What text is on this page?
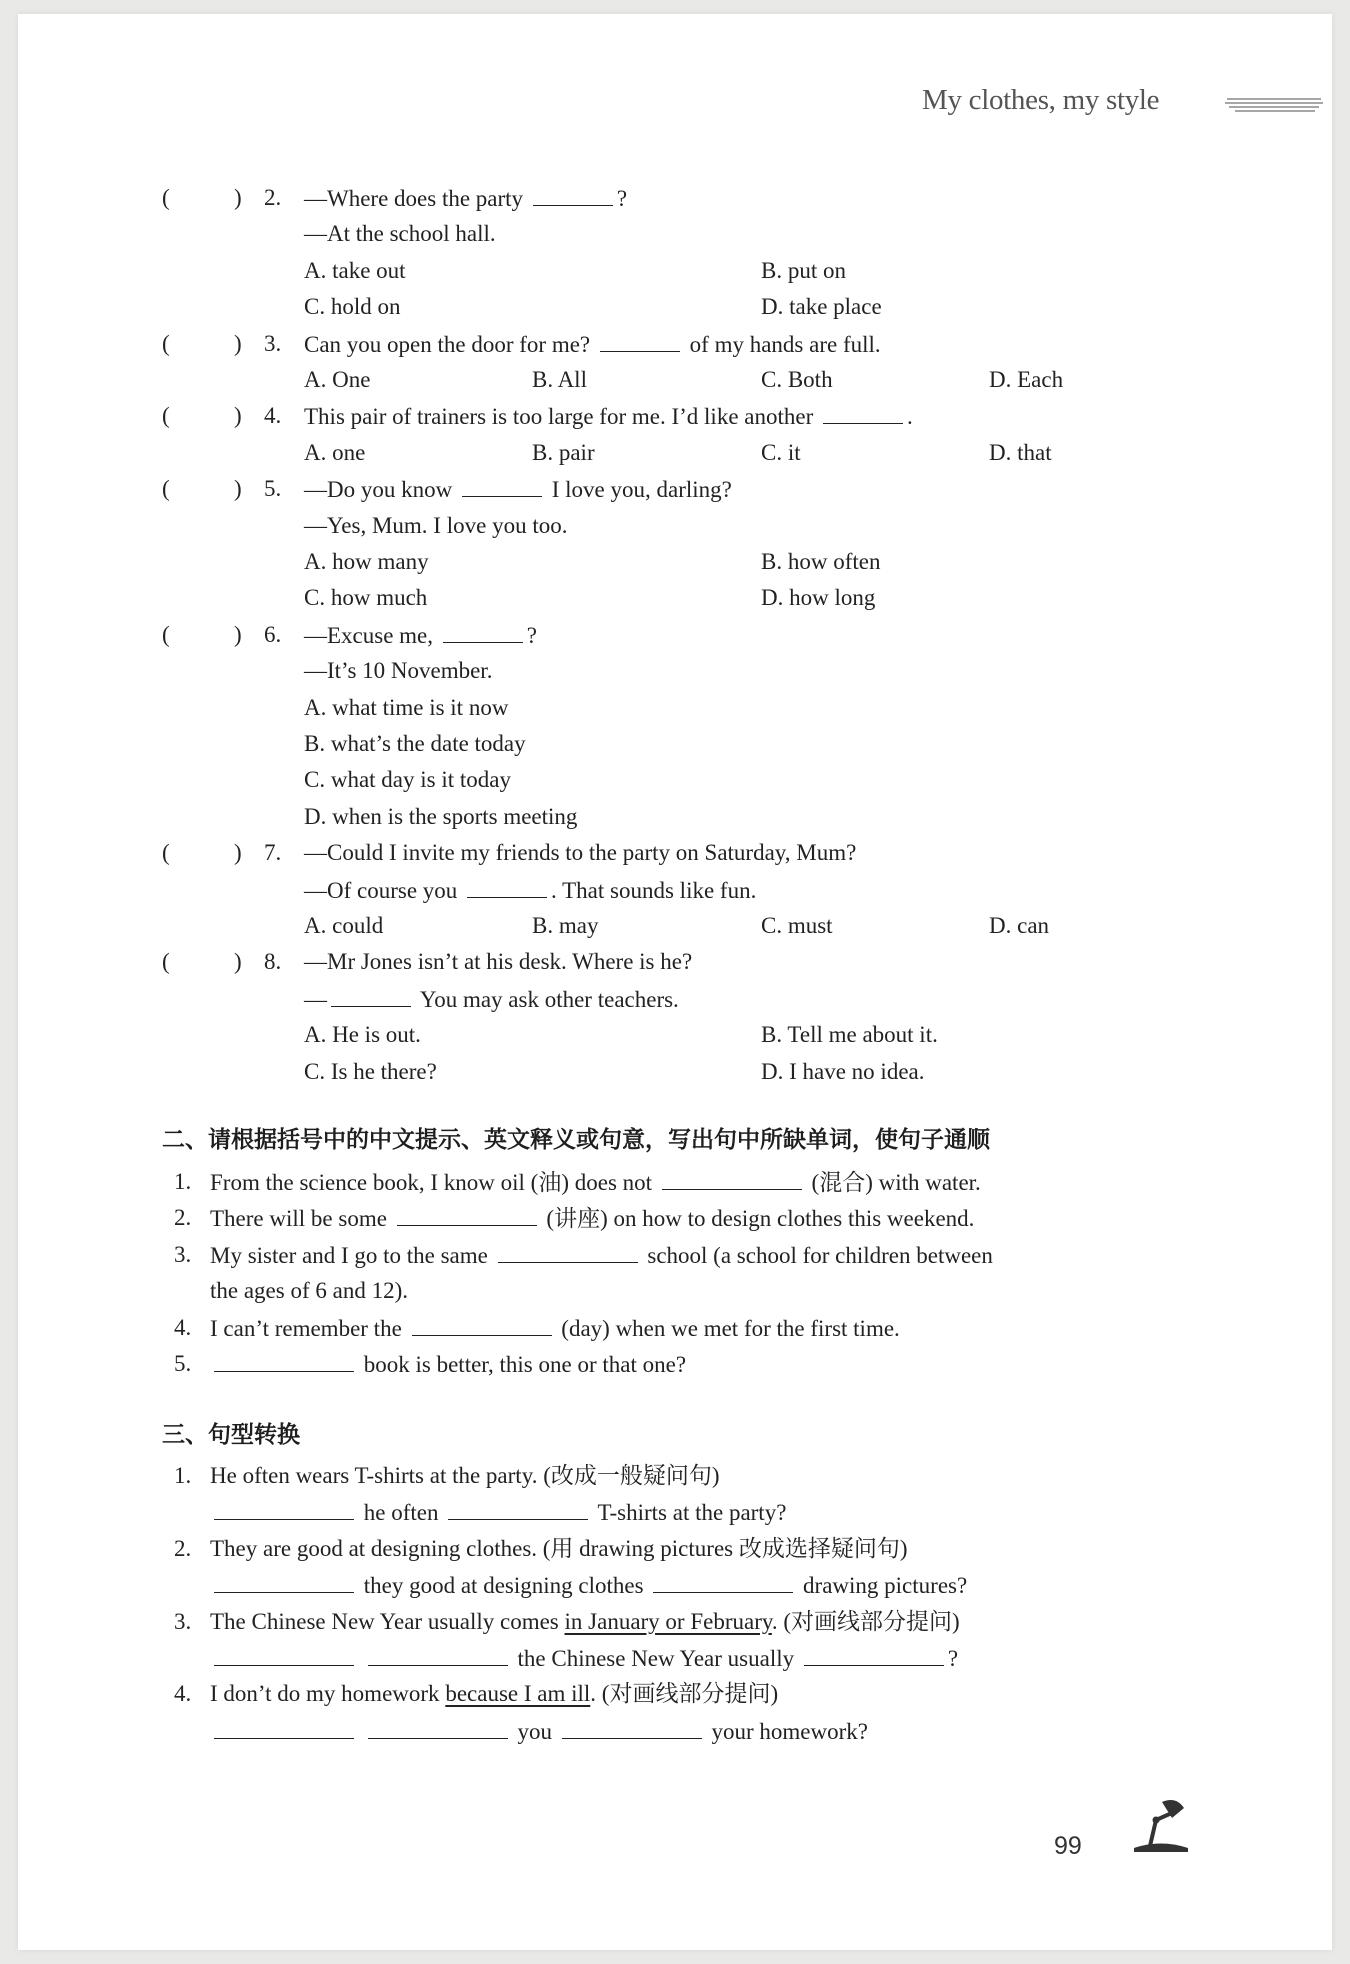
My clothes, my style
(	) 2. —Where does the party	?
—At the school hall.
A. take out	B. put on
C. hold on	D. take place
(	) 3. Can you open the door for me?	of my hands are full.
A. One	B. All	C. Both	D. Each
(	) 4. This pair of trainers is too large for me. I’d like another	.
A. one	B. pair	C. it	D. that
(	) 5. —Do you know	I love you, darling?
—Yes, Mum. I love you too.
A. how many	B. how often
C. how much	D. how long
(	) 6. —Excuse me,	?
—It’s 10 November.
A. what time is it now
B. what’s the date today
C. what day is it today
D. when is the sports meeting
(	) 7. —Could I invite my friends to the party on Saturday, Mum?
—Of course you	. That sounds like fun.
A. could	B. may	C. must	D. can
(	) 8. —Mr Jones isn’t at his desk. Where is he?
—	You may ask other teachers.
A. He is out.	B. Tell me about it.
C. Is he there?	D. I have no idea.
二、请根据括号中的中文提示、英文释义或句意，写出句中所缺单词，使句子通顺
1. From the science book, I know oil (油) does not	(混合) with water.
2. There will be some	(讲座) on how to design clothes this weekend.
3. My sister and I go to the same	school (a school for children between
the ages of 6 and 12).
4. I can’t remember the	(day) when we met for the first time.
5.	book is better, this one or that one?
三、句型转换
1. He often wears T-shirts at the party. (改成一般疑问句)
he often	T-shirts at the party?
2. They are good at designing clothes. (用 drawing pictures 改成选择疑问句)
they good at designing clothes	drawing pictures?
3. The Chinese New Year usually comes in January or February. (对画线部分提问)
the Chinese New Year usually	?
4. I don’t do my homework because I am ill. (对画线部分提问)
you	your homework?
99
